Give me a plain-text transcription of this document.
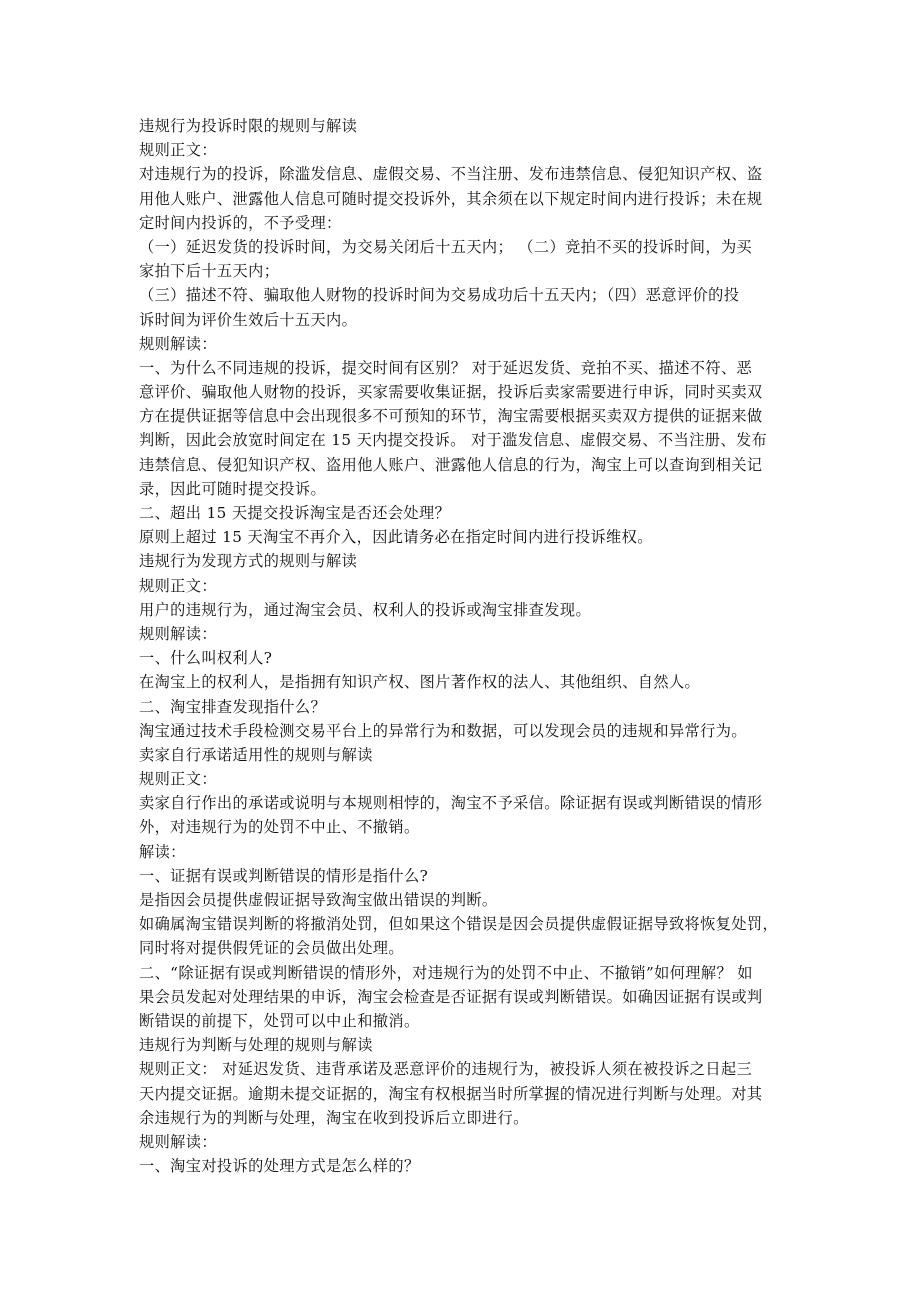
违规行为投诉时限的规则与解读
规则正文：
对违规行为的投诉，除滥发信息、虚假交易、不当注册、发布违禁信息、侵犯知识产权、盗
用他人账户、泄露他人信息可随时提交投诉外，其余须在以下规定时间内进行投诉；未在规
定时间内投诉的，不予受理：
（一）延迟发货的投诉时间，为交易关闭后十五天内； （二）竞拍不买的投诉时间，为买
家拍下后十五天内；
（三）描述不符、骗取他人财物的投诉时间为交易成功后十五天内；（四）恶意评价的投
诉时间为评价生效后十五天内。
规则解读：
一、为什么不同违规的投诉，提交时间有区别？ 对于延迟发货、竞拍不买、描述不符、恶
意评价、骗取他人财物的投诉，买家需要收集证据，投诉后卖家需要进行申诉，同时买卖双
方在提供证据等信息中会出现很多不可预知的环节，淘宝需要根据买卖双方提供的证据来做
判断，因此会放宽时间定在 15 天内提交投诉。 对于滥发信息、虚假交易、不当注册、发布
违禁信息、侵犯知识产权、盗用他人账户、泄露他人信息的行为，淘宝上可以查询到相关记
录，因此可随时提交投诉。
二、超出 15 天提交投诉淘宝是否还会处理？
原则上超过 15 天淘宝不再介入，因此请务必在指定时间内进行投诉维权。
违规行为发现方式的规则与解读
规则正文：
用户的违规行为，通过淘宝会员、权利人的投诉或淘宝排查发现。
规则解读：
一、什么叫权利人?
在淘宝上的权利人，是指拥有知识产权、图片著作权的法人、其他组织、自然人。
二、淘宝排查发现指什么？
淘宝通过技术手段检测交易平台上的异常行为和数据，可以发现会员的违规和异常行为。
卖家自行承诺适用性的规则与解读
规则正文：
卖家自行作出的承诺或说明与本规则相悖的，淘宝不予采信。除证据有误或判断错误的情形
外，对违规行为的处罚不中止、不撤销。
解读：
一、证据有误或判断错误的情形是指什么?
是指因会员提供虚假证据导致淘宝做出错误的判断。
如确属淘宝错误判断的将撤消处罚，但如果这个错误是因会员提供虚假证据导致将恢复处罚，
同时将对提供假凭证的会员做出处理。
二、“除证据有误或判断错误的情形外，对违规行为的处罚不中止、不撤销”如何理解？ 如
果会员发起对处理结果的申诉，淘宝会检查是否证据有误或判断错误。如确因证据有误或判
断错误的前提下，处罚可以中止和撤消。
违规行为判断与处理的规则与解读
规则正文： 对延迟发货、违背承诺及恶意评价的违规行为，被投诉人须在被投诉之日起三
天内提交证据。逾期未提交证据的，淘宝有权根据当时所掌握的情况进行判断与处理。对其
余违规行为的判断与处理，淘宝在收到投诉后立即进行。
规则解读：
一、淘宝对投诉的处理方式是怎么样的？
